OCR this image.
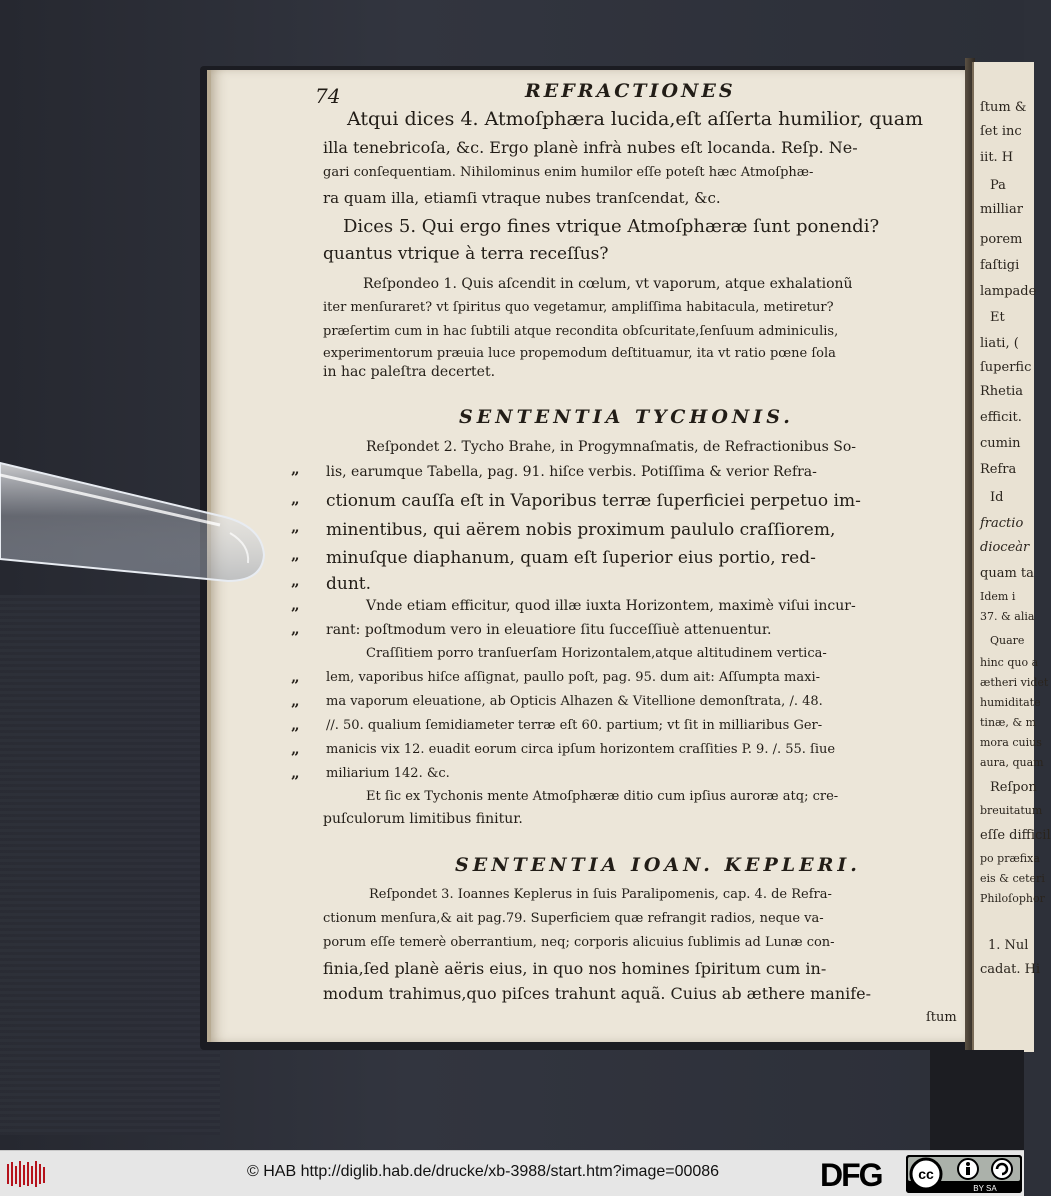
74	REFRACTIONES
Atqui dices 4. Atmoſphæra lucida,eſt aſſerta humilior, quam
illa tenebricoſa, &c. Ergo planè infrà nubes eſt locanda. Reſp. Ne-
gari conſequentiam. Nihilominus enim humilor eſſe poteſt hæc Atmoſphæ-
ra quam illa, etiamſi vtraque nubes tranſcendat, &c.
Dices 5. Qui ergo fines vtrique Atmoſphæræ ſunt ponendi?
quantus vtrique à terra receſſus?
Reſpondeo 1. Quis aſcendit in cœlum, vt vaporum, atque exhalationũ
iter menſuraret? vt ſpiritus quo vegetamur, ampliſſima habitacula, metiretur?
præſertim cum in hac ſubtili atque recondita obſcuritate,ſenſuum adminiculis,
experimentorum præuia luce propemodum deſtituamur, ita vt ratio pœne ſola
in hac paleſtra decertet.
SENTENTIA TYCHONIS.
Reſpondet 2. Tycho Brahe, in Progymnaſmatis, de Refractionibus So-
lis, earumque Tabella, pag. 91. hiſce verbis. Potiſſima & verior Refra-
ctionum cauſſa eſt in Vaporibus terræ ſuperficiei perpetuo im-
minentibus, qui aërem nobis proximum paululo craſſiorem,
minuſque diaphanum, quam eſt ſuperior eius portio, red-
dunt.
Vnde etiam efficitur, quod illæ iuxta Horizontem, maximè viſui incur-
rant: poſtmodum vero in eleuatiore ſitu ſucceſſiuè attenuentur.
Craſſitiem porro tranſuerſam Horizontalem,atque altitudinem vertica-
lem, vaporibus hiſce aſſignat, paullo poſt, pag. 95. dum ait: Aſſumpta maxi-
ma vaporum eleuatione, ab Opticis Alhazen & Vitellione demonſtrata, /. 48.
//. 50. qualium ſemidiameter terræ eſt 60. partium; vt ſit in milliaribus Ger-
manicis vix 12. euadit eorum circa ipſum horizontem craſſities P. 9. /. 55. ſiue
miliarium 142. &c.
Et ſic ex Tychonis mente Atmoſphæræ ditio cum ipſius auroræ atq; cre-
puſculorum limitibus finitur.
SENTENTIA IOAN. KEPLERI.
Reſpondet 3. Ioannes Keplerus in ſuis Paralipomenis, cap. 4. de Refra-
ctionum menſura,& ait pag.79. Superficiem quæ refrangit radios, neque va-
porum eſſe temerè oberrantium, neq; corporis alicuius ſublimis ad Lunæ con-
finia,ſed planè aëris eius, in quo nos homines ſpiritum cum in-
modum trahimus,quo piſces trahunt aquã. Cuius ab æthere manife-
ſtum
„
„
„
„
„
„
„
„
„
„
„
„
ſtum &
ſet inc
iit. H
Pa
milliar
porem
faſtigi
lampade
Et
liati, (
ſuperfic
Rhetia
efficit.
cumin
Refra
Id
fractio
dioceàr
quam ta
Idem i
37. & alia
Quare
hinc quo a
ætheri videt
humiditate
tinæ, & m
mora cuius
aura, quam
Reſpon
breuitatum
eſſe difficil
po præfixa
eis & ceteri
Philoſophor
1. Nul
cadat. Hi
© HAB http://diglib.hab.de/drucke/xb-3988/start.htm?image=00086	DFG	cc
BY SA
